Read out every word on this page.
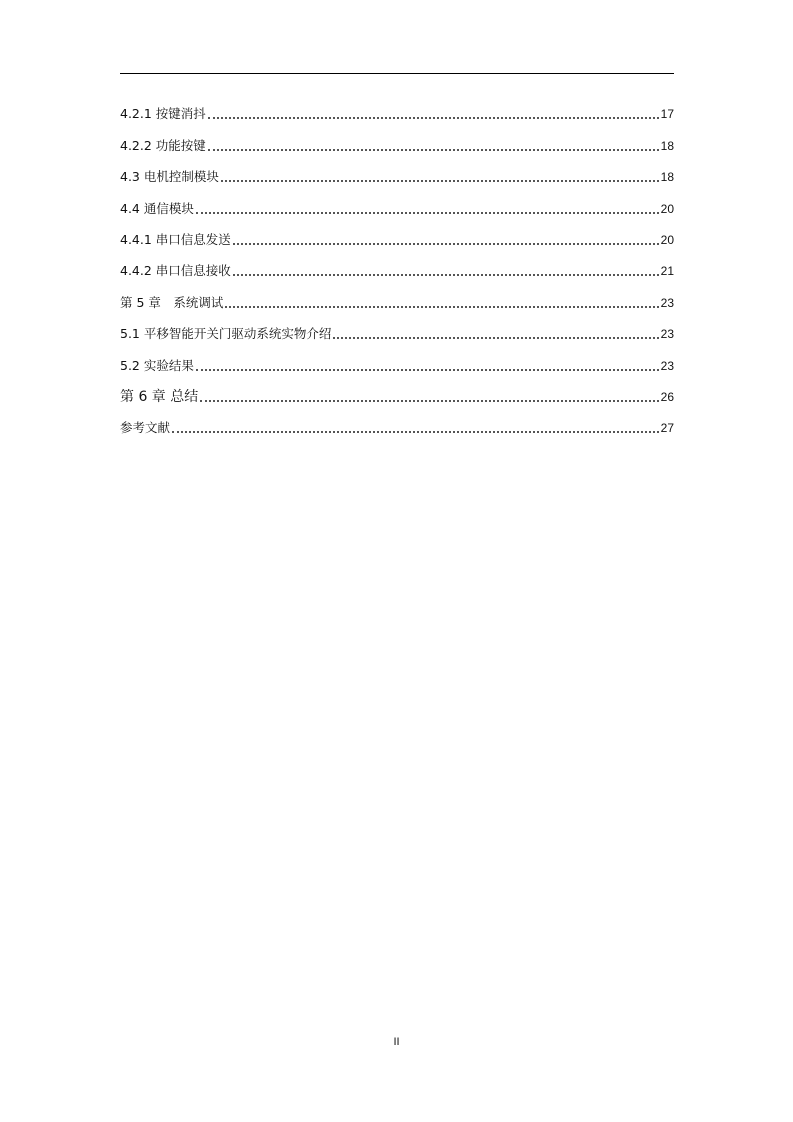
4.2.1 按键消抖	17
4.2.2 功能按键	18
4.3 电机控制模块	18
4.4 通信模块	20
4.4.1 串口信息发送	20
4.4.2 串口信息接收	21
第 5 章　系统调试	23
5.1 平移智能开关门驱动系统实物介绍	23
5.2 实验结果	23
第 6 章 总结	26
参考文献	27
II
